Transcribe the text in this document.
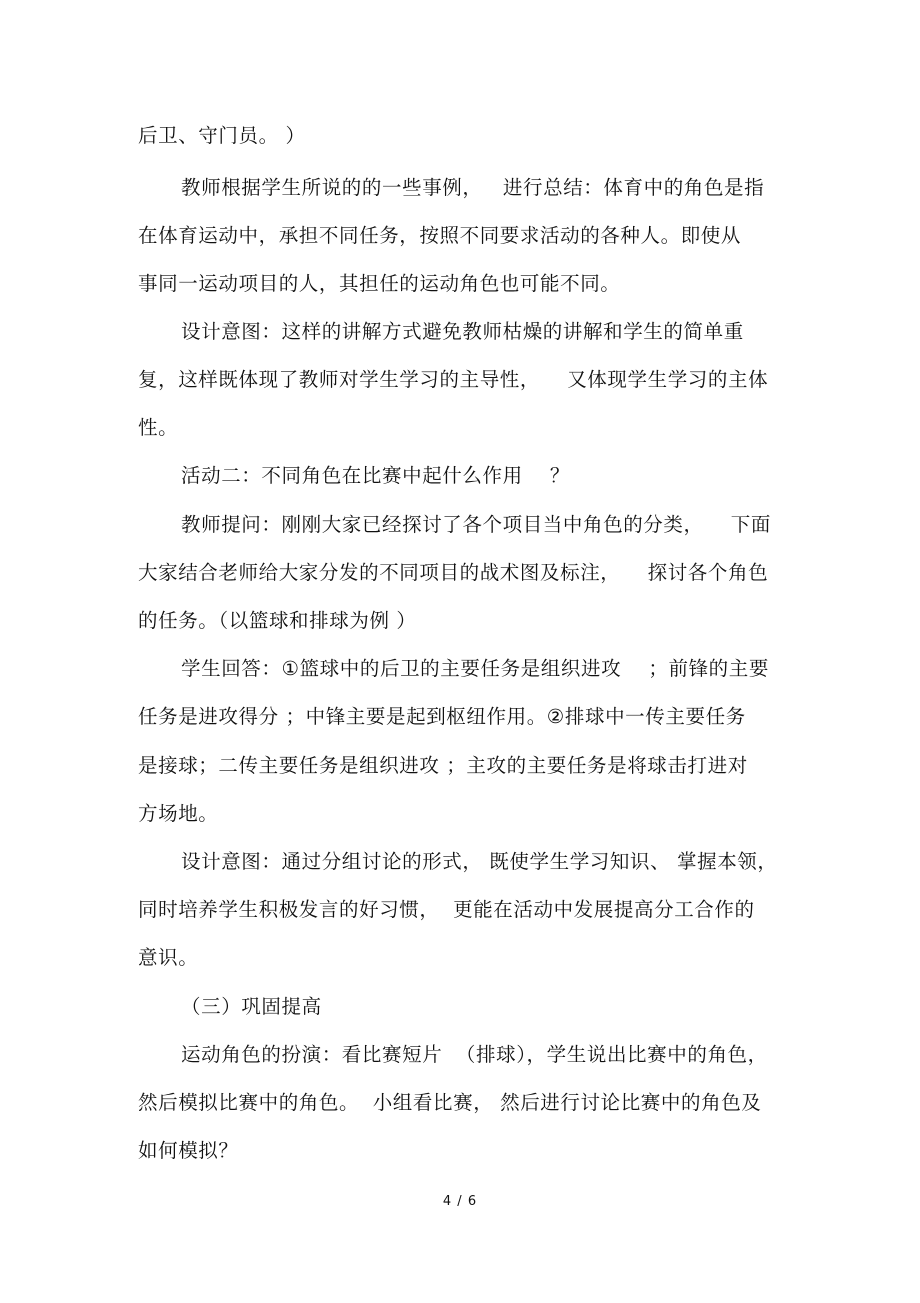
后卫、守门员。 ）
教师根据学生所说的的一些事例，   进行总结：体育中的角色是指
在体育运动中，承担不同任务，按照不同要求活动的各种人。即使从
事同一运动项目的人，其担任的运动角色也可能不同。
设计意图：这样的讲解方式避免教师枯燥的讲解和学生的简单重
复，这样既体现了教师对学生学习的主导性，    又体现学生学习的主体
性。
活动二：不同角色在比赛中起什么作用    ？
教师提问：刚刚大家已经探讨了各个项目当中角色的分类，    下面
大家结合老师给大家分发的不同项目的战术图及标注，    探讨各个角色
的任务。（以篮球和排球为例 ）
学生回答：①篮球中的后卫的主要任务是组织进攻    ；前锋的主要
任务是进攻得分 ；中锋主要是起到枢纽作用。②排球中一传主要任务
是接球；二传主要任务是组织进攻 ；主攻的主要任务是将球击打进对
方场地。
设计意图：通过分组讨论的形式， 既使学生学习知识、 掌握本领，
同时培养学生积极发言的好习惯，  更能在活动中发展提高分工合作的
意识。
（三）巩固提高
运动角色的扮演：看比赛短片  （排球），学生说出比赛中的角色，
然后模拟比赛中的角色。  小组看比赛， 然后进行讨论比赛中的角色及
如何模拟？
4 / 6
